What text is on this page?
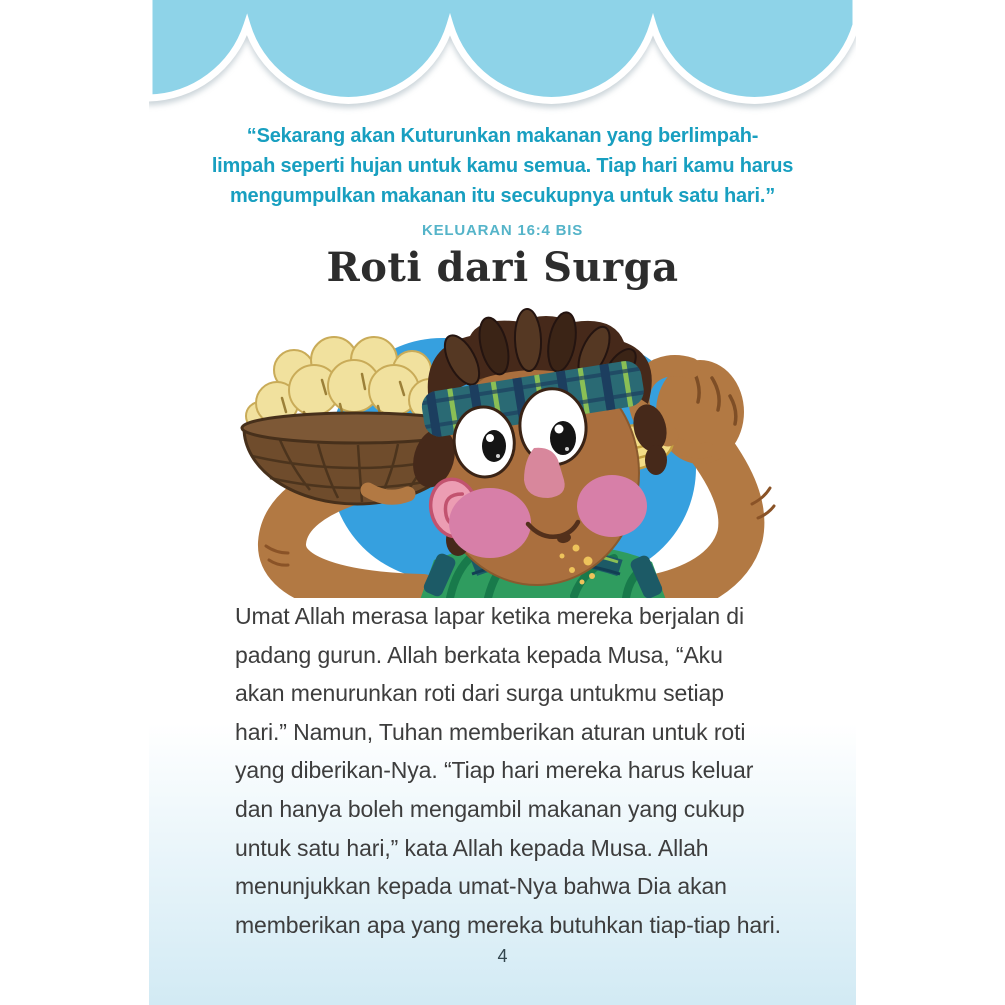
“Sekarang akan Kuturunkan makanan yang berlimpah-
limpah seperti hujan untuk kamu semua. Tiap hari kamu harus
mengumpulkan makanan itu secukupnya untuk satu hari.”
KELUARAN 16:4 BIS
Roti dari Surga
Umat Allah merasa lapar ketika mereka berjalan di
padang gurun. Allah berkata kepada Musa, “Aku
akan menurunkan roti dari surga untukmu setiap
hari.” Namun, Tuhan memberikan aturan untuk roti
yang diberikan-Nya. “Tiap hari mereka harus keluar
dan hanya boleh mengambil makanan yang cukup
untuk satu hari,” kata Allah kepada Musa. Allah
menunjukkan kepada umat-Nya bahwa Dia akan
memberikan apa yang mereka butuhkan tiap-tiap hari.
4
